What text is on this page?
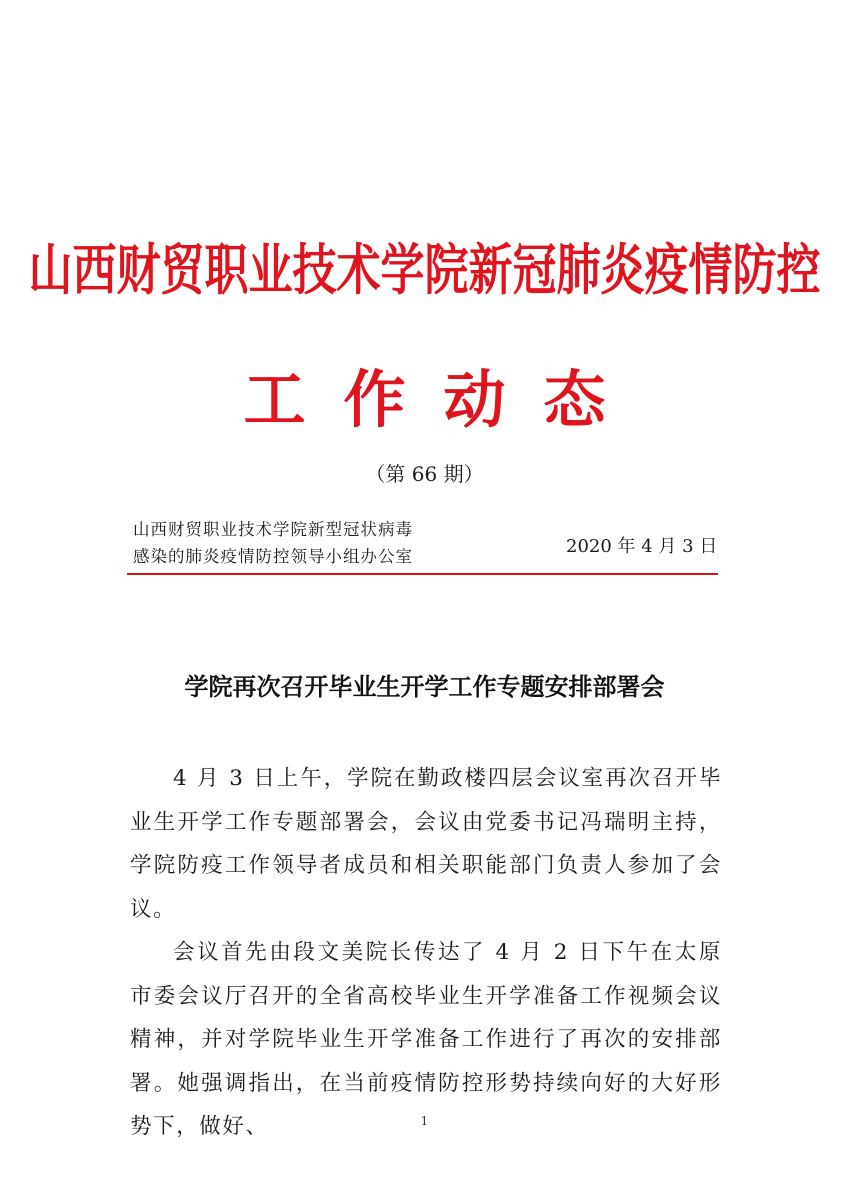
山西财贸职业技术学院新冠肺炎疫情防控
工作动态
（第 66 期）
山西财贸职业技术学院新型冠状病毒
感染的肺炎疫情防控领导小组办公室	2020 年 4 月 3 日
学院再次召开毕业生开学工作专题安排部署会

4 月 3 日上午，学院在勤政楼四层会议室再次召开毕业生开学工作专题部署会，会议由党委书记冯瑞明主持，学院防疫工作领导者成员和相关职能部门负责人参加了会议。

会议首先由段文美院长传达了 4 月 2 日下午在太原市委会议厅召开的全省高校毕业生开学准备工作视频会议精神，并对学院毕业生开学准备工作进行了再次的安排部署。她强调指出，在当前疫情防控形势持续向好的大好形势下，做好、	1
